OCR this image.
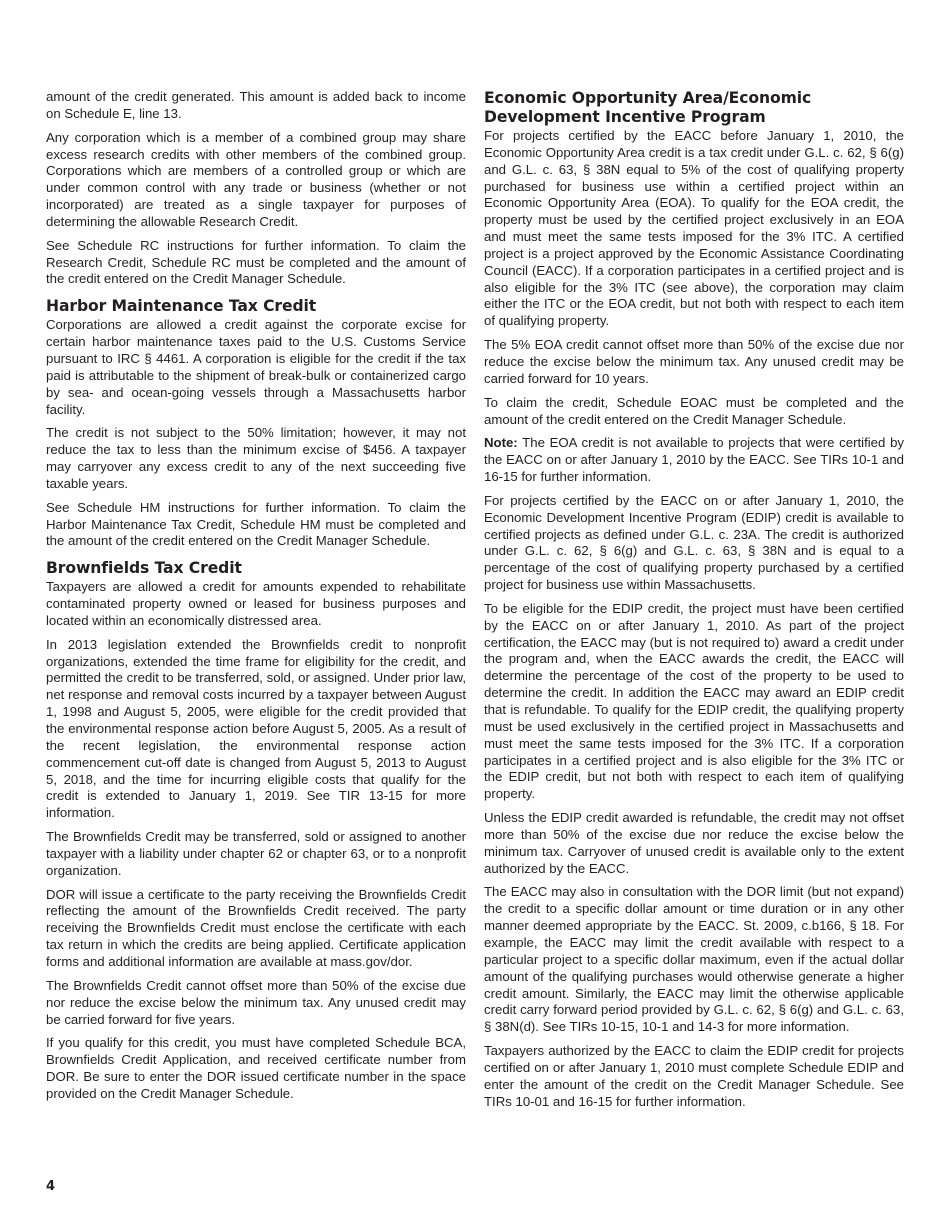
amount of the credit generated. This amount is added back to income on Schedule E, line 13.

Any corporation which is a member of a combined group may share excess research credits with other members of the combined group. Corporations which are members of a controlled group or which are under common control with any trade or business (whether or not incorporated) are treated as a single taxpayer for purposes of determining the allowable Research Credit.

See Schedule RC instructions for further information. To claim the Research Credit, Schedule RC must be completed and the amount of the credit entered on the Credit Manager Schedule.

Harbor Maintenance Tax Credit

Corporations are allowed a credit against the corporate excise for certain harbor maintenance taxes paid to the U.S. Customs Service pursuant to IRC § 4461. A corporation is eligible for the credit if the tax paid is attributable to the shipment of break-bulk or containerized cargo by sea- and ocean-going vessels through a Massachusetts harbor facility.

The credit is not subject to the 50% limitation; however, it may not reduce the tax to less than the minimum excise of $456. A taxpayer may carryover any excess credit to any of the next succeeding five taxable years.

See Schedule HM instructions for further information. To claim the Harbor Maintenance Tax Credit, Schedule HM must be completed and the amount of the credit entered on the Credit Manager Schedule.

Brownfields Tax Credit

Taxpayers are allowed a credit for amounts expended to rehabilitate contaminated property owned or leased for business purposes and located within an economically distressed area.

In 2013 legislation extended the Brownfields credit to nonprofit organizations, extended the time frame for eligibility for the credit, and permitted the credit to be transferred, sold, or assigned. Under prior law, net response and removal costs incurred by a taxpayer between August 1, 1998 and August 5, 2005, were eligible for the credit provided that the environmental response action before August 5, 2005. As a result of the recent legislation, the environmental response action commencement cut-off date is changed from August 5, 2013 to August 5, 2018, and the time for incurring eligible costs that qualify for the credit is extended to January 1, 2019. See TIR 13-15 for more information.

The Brownfields Credit may be transferred, sold or assigned to another taxpayer with a liability under chapter 62 or chapter 63, or to a nonprofit organization.

DOR will issue a certificate to the party receiving the Brownfields Credit reflecting the amount of the Brownfields Credit received. The party receiving the Brownfields Credit must enclose the certificate with each tax return in which the credits are being applied. Certificate application forms and additional information are available at mass.gov/dor.

The Brownfields Credit cannot offset more than 50% of the excise due nor reduce the excise below the minimum tax. Any unused credit may be carried forward for five years.

If you qualify for this credit, you must have completed Schedule BCA, Brownfields Credit Application, and received certificate number from DOR. Be sure to enter the DOR issued certificate number in the space provided on the Credit Manager Schedule.

Economic Opportunity Area/Economic Development Incentive Program

For projects certified by the EACC before January 1, 2010, the Economic Opportunity Area credit is a tax credit under G.L. c. 62, § 6(g) and G.L. c. 63, § 38N equal to 5% of the cost of qualifying property purchased for business use within a certified project within an Economic Opportunity Area (EOA). To qualify for the EOA credit, the property must be used by the certified project exclusively in an EOA and must meet the same tests imposed for the 3% ITC. A certified project is a project approved by the Economic Assistance Coordinating Council (EACC). If a corporation participates in a certified project and is also eligible for the 3% ITC (see above), the corporation may claim either the ITC or the EOA credit, but not both with respect to each item of qualifying property.

The 5% EOA credit cannot offset more than 50% of the excise due nor reduce the excise below the minimum tax. Any unused credit may be carried forward for 10 years.

To claim the credit, Schedule EOAC must be completed and the amount of the credit entered on the Credit Manager Schedule.

Note: The EOA credit is not available to projects that were certified by the EACC on or after January 1, 2010 by the EACC. See TIRs 10-1 and 16-15 for further information.

For projects certified by the EACC on or after January 1, 2010, the Economic Development Incentive Program (EDIP) credit is available to certified projects as defined under G.L. c. 23A. The credit is authorized under G.L. c. 62, § 6(g) and G.L. c. 63, § 38N and is equal to a percentage of the cost of qualifying property purchased by a certified project for business use within Massachusetts.

To be eligible for the EDIP credit, the project must have been certified by the EACC on or after January 1, 2010. As part of the project certification, the EACC may (but is not required to) award a credit under the program and, when the EACC awards the credit, the EACC will determine the percentage of the cost of the property to be used to determine the credit. In addition the EACC may award an EDIP credit that is refundable. To qualify for the EDIP credit, the qualifying property must be used exclusively in the certified project in Massachusetts and must meet the same tests imposed for the 3% ITC. If a corporation participates in a certified project and is also eligible for the 3% ITC or the EDIP credit, but not both with respect to each item of qualifying property.

Unless the EDIP credit awarded is refundable, the credit may not offset more than 50% of the excise due nor reduce the excise below the minimum tax. Carryover of unused credit is available only to the extent authorized by the EACC.

The EACC may also in consultation with the DOR limit (but not expand) the credit to a specific dollar amount or time duration or in any other manner deemed appropriate by the EACC. St. 2009, c.b166, § 18. For example, the EACC may limit the credit available with respect to a particular project to a specific dollar maximum, even if the actual dollar amount of the qualifying purchases would otherwise generate a higher credit amount. Similarly, the EACC may limit the otherwise applicable credit carry forward period provided by G.L. c. 62, § 6(g) and G.L. c. 63, § 38N(d). See TIRs 10-15, 10-1 and 14-3 for more information.

Taxpayers authorized by the EACC to claim the EDIP credit for projects certified on or after January 1, 2010 must complete Schedule EDIP and enter the amount of the credit on the Credit Manager Schedule. See TIRs 10-01 and 16-15 for further information.

4
